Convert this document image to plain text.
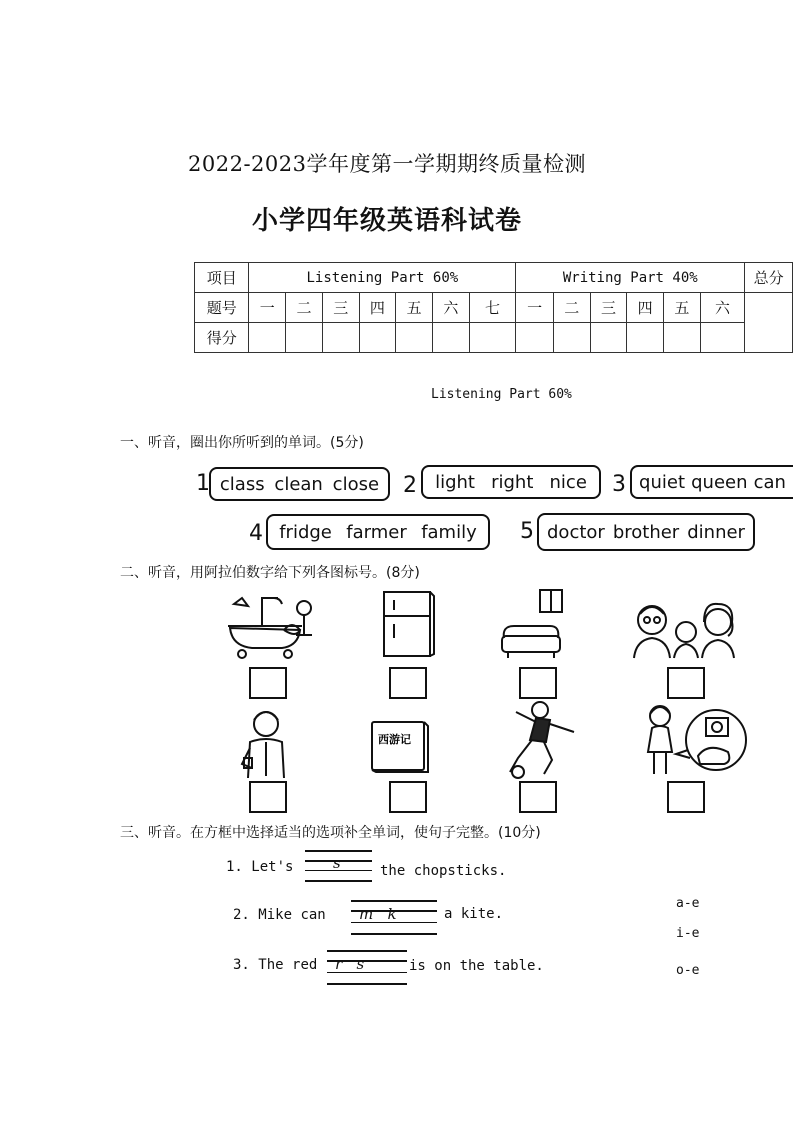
2022-2023学年度第一学期期终质量检测
小学四年级英语科试卷
项目	Listening Part 60%							Writing Part 40%						总分
题号	一	二	三	四	五	六	七	一	二	三	四	五	六	
得分														
Listening Part 60%
一、听音，圈出你所听到的单词。(5分)
1 class clean close 2 light right nice 3 quiet queen can
4 fridge farmer family 5 doctor brother dinner
二、听音，用阿拉伯数字给下列各图标号。(8分)
西游记
三、听音。在方框中选择适当的选项补全单词，使句子完整。(10分)
1. Let's	s	the chopsticks.
2. Mike can m   k	a kite.
3. The red r   s	is on the table.
a-e
i-e
o-e
